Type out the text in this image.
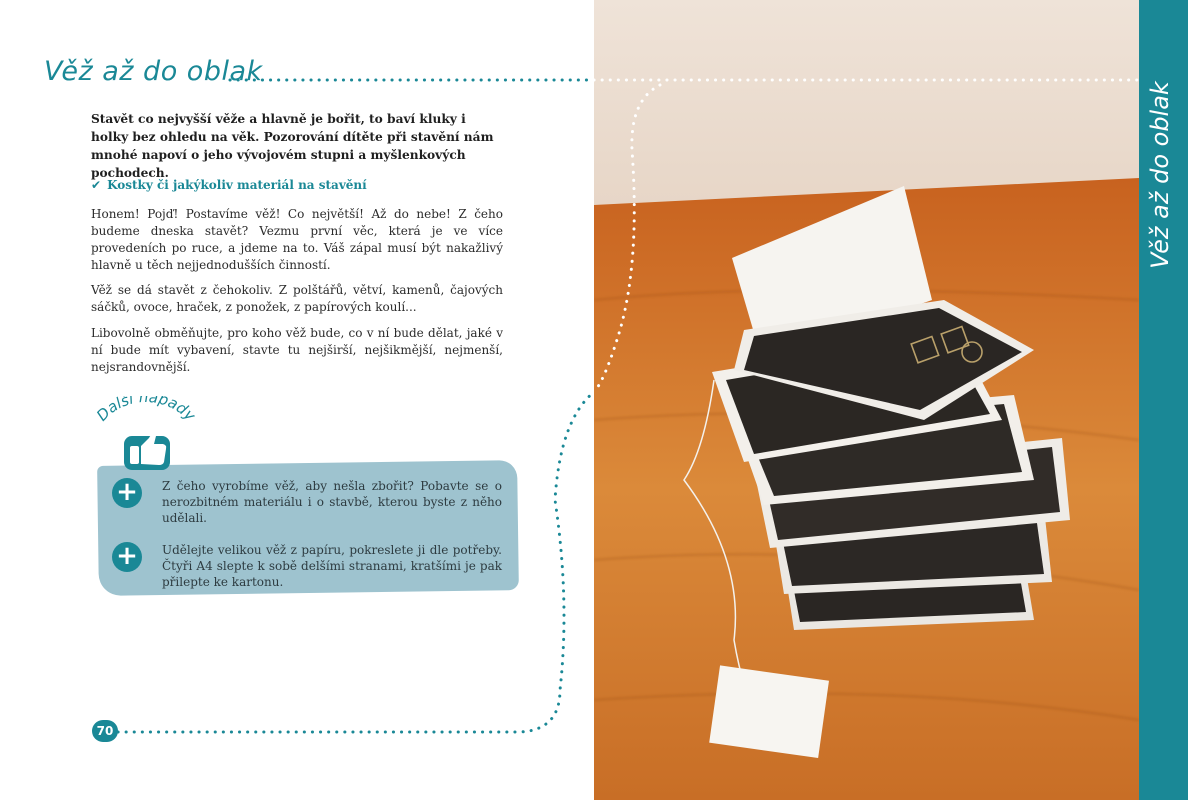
Věž až do oblak

Stavět co nejvyšší věže a hlavně je bořit, to baví kluky i holky bez ohledu na věk. Pozorování dítěte při stavění nám mnohé napoví o jeho vývojovém stupni a myšlenkových pochodech.

✔ Kostky či jakýkoliv materiál na stavění

Honem! Pojď! Postavíme věž! Co největší! Až do nebe! Z čeho budeme dneska stavět? Vezmu první věc, která je ve více provedeních po ruce, a jdeme na to. Váš zápal musí být nakažlivý hlavně u těch nejjednodušších činností.

Věž se dá stavět z čehokoliv. Z polštářů, větví, kamenů, čajových sáčků, ovoce, hraček, z ponožek, z papírových koulí...

Libovolně obměňujte, pro koho věž bude, co v ní bude dělat, jaké v ní bude mít vybavení, stavte tu nejširší, nejšikmější, nejmenší, nejsrandovnější.

Další nápady
+	Z čeho vyrobíme věž, aby nešla zbořit? Pobavte se o nerozbitném materiálu i o stavbě, kterou byste z něho udělali.

+	Udělejte velikou věž z papíru, pokreslete ji dle potřeby. Čtyři A4 slepte k sobě delšími stranami, kratšími je pak přilepte ke kartonu.

70
Věž až do oblak
